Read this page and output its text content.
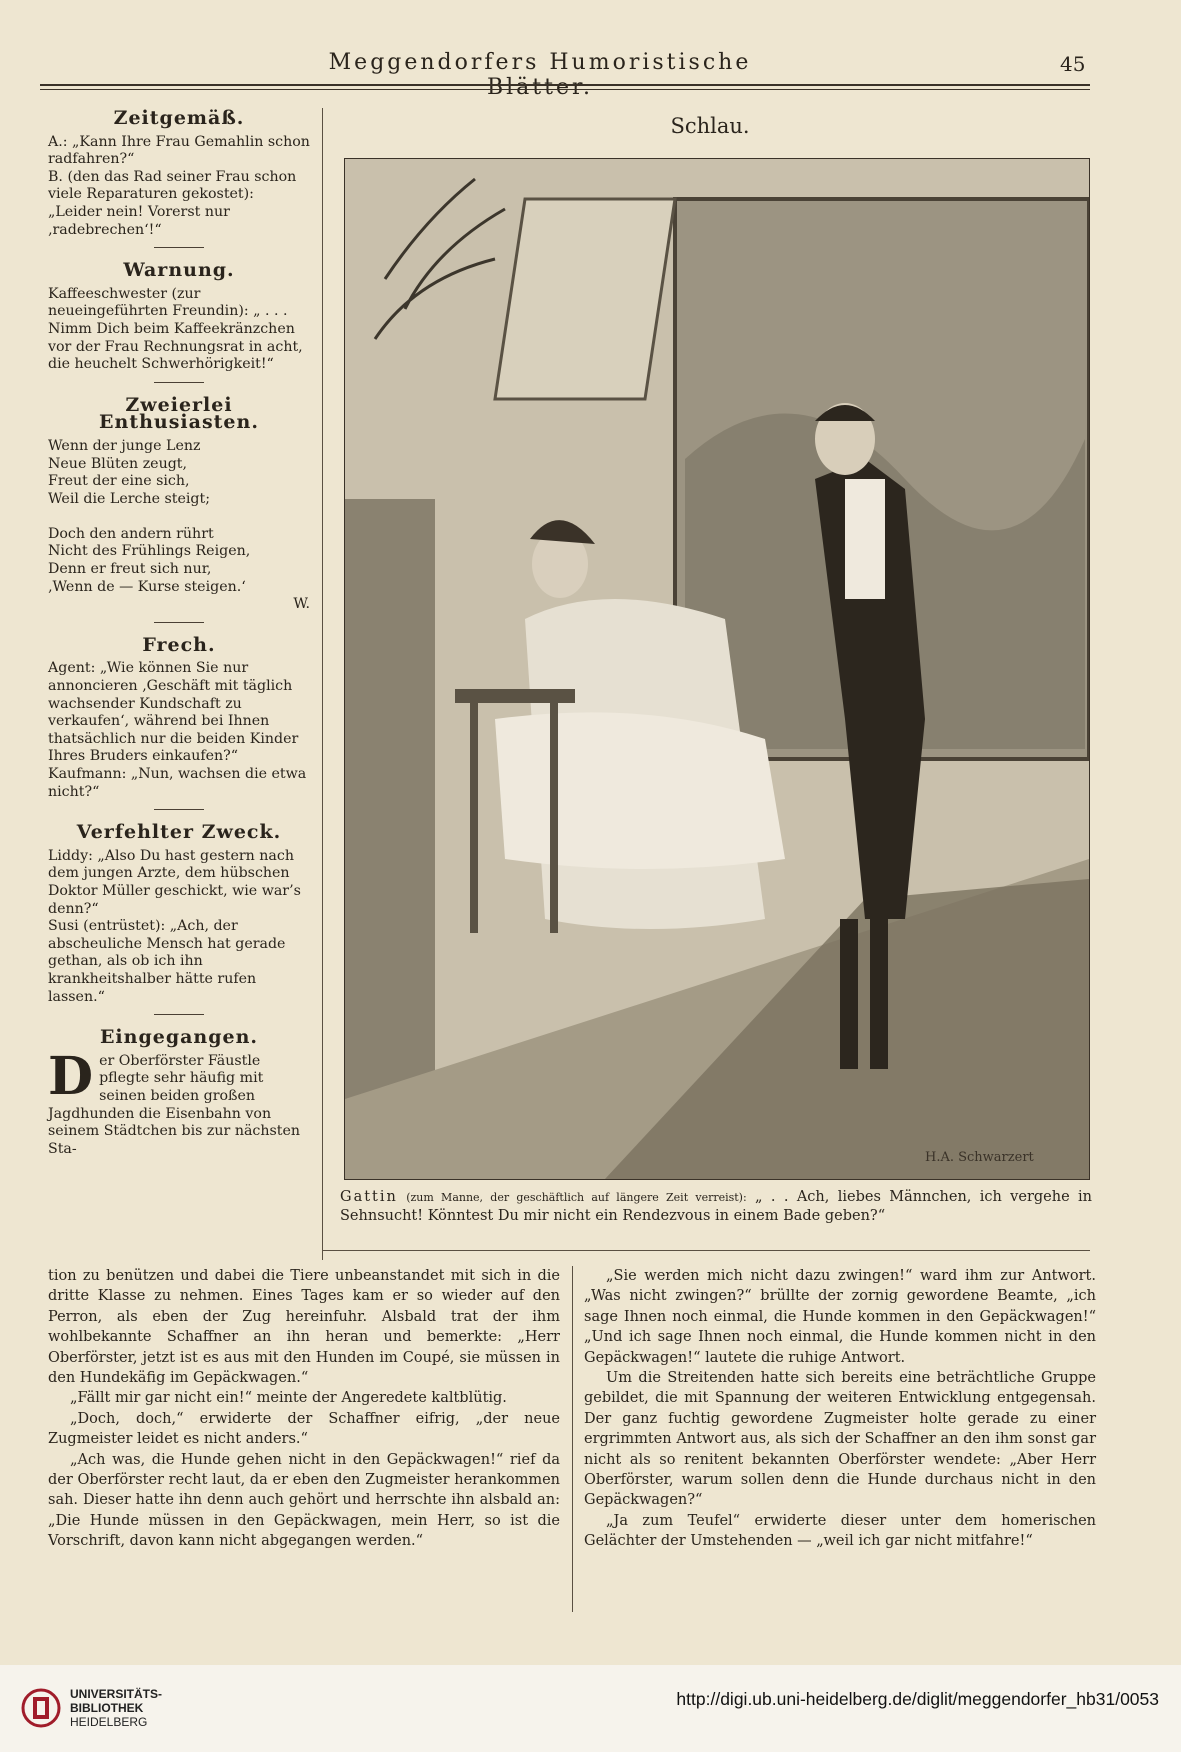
Meggendorfers Humoristische Blätter.
45
Zeitgemäß.

A.: „Kann Ihre Frau Gemahlin schon radfahren?“
B. (den das Rad seiner Frau schon viele Reparaturen gekostet): „Leider nein! Vorerst nur ‚radebrechen‘!“

Warnung.

Kaffeeschwester (zur neueingeführten Freundin): „ . . . Nimm Dich beim Kaffeekränzchen vor der Frau Rechnungsrat in acht, die heuchelt Schwerhörigkeit!“

Zweierlei Enthusiasten.

Wenn der junge Lenz
Neue Blüten zeugt,
Freut der eine sich,
Weil die Lerche steigt;

Doch den andern rührt
Nicht des Frühlings Reigen,
Denn er freut sich nur,
‚Wenn de — Kurse steigen.‘

W.

Frech.

Agent: „Wie können Sie nur annoncieren ‚Geschäft mit täglich wachsender Kundschaft zu verkaufen‘, während bei Ihnen thatsächlich nur die beiden Kinder Ihres Bruders einkaufen?“
Kaufmann: „Nun, wachsen die etwa nicht?“

Verfehlter Zweck.

Liddy: „Also Du hast gestern nach dem jungen Arzte, dem hübschen Doktor Müller geschickt, wie war’s denn?“
Susi (entrüstet): „Ach, der abscheuliche Mensch hat gerade gethan, als ob ich ihn krankheitshalber hätte rufen lassen.“

Eingegangen.

Der Oberförster Fäustle pflegte sehr häufig mit seinen beiden großen Jagdhunden die Eisenbahn von seinem Städtchen bis zur nächsten Sta-

Schlau.
H.A. Schwarzert
Gattin (zum Manne, der geschäftlich auf längere Zeit verreist): „ . . Ach, liebes Männchen, ich vergehe in Sehnsucht! Könntest Du mir nicht ein Rendezvous in einem Bade geben?“

tion zu benützen und dabei die Tiere unbeanstandet mit sich in die dritte Klasse zu nehmen. Eines Tages kam er so wieder auf den Perron, als eben der Zug hereinfuhr. Alsbald trat der ihm wohlbekannte Schaffner an ihn heran und bemerkte: „Herr Oberförster, jetzt ist es aus mit den Hunden im Coupé, sie müssen in den Hundekäfig im Gepäckwagen.“

„Fällt mir gar nicht ein!“ meinte der Angeredete kaltblütig.

„Doch, doch,“ erwiderte der Schaffner eifrig, „der neue Zugmeister leidet es nicht anders.“

„Ach was, die Hunde gehen nicht in den Gepäckwagen!“ rief da der Oberförster recht laut, da er eben den Zugmeister herankommen sah. Dieser hatte ihn denn auch gehört und herrschte ihn alsbald an: „Die Hunde müssen in den Gepäckwagen, mein Herr, so ist die Vorschrift, davon kann nicht abgegangen werden.“

„Sie werden mich nicht dazu zwingen!“ ward ihm zur Antwort. „Was nicht zwingen?“ brüllte der zornig gewordene Beamte, „ich sage Ihnen noch einmal, die Hunde kommen in den Gepäckwagen!“ „Und ich sage Ihnen noch einmal, die Hunde kommen nicht in den Gepäckwagen!“ lautete die ruhige Antwort.

Um die Streitenden hatte sich bereits eine beträchtliche Gruppe gebildet, die mit Spannung der weiteren Entwicklung entgegensah. Der ganz fuchtig gewordene Zugmeister holte gerade zu einer ergrimmten Antwort aus, als sich der Schaffner an den ihm sonst gar nicht als so renitent bekannten Oberförster wendete: „Aber Herr Oberförster, warum sollen denn die Hunde durchaus nicht in den Gepäckwagen?“

„Ja zum Teufel“ erwiderte dieser unter dem homerischen Gelächter der Umstehenden — „weil ich gar nicht mitfahre!“

UNIVERSITÄTS-
BIBLIOTHEK
HEIDELBERG
http://digi.ub.uni-heidelberg.de/diglit/meggendorfer_hb31/0053
